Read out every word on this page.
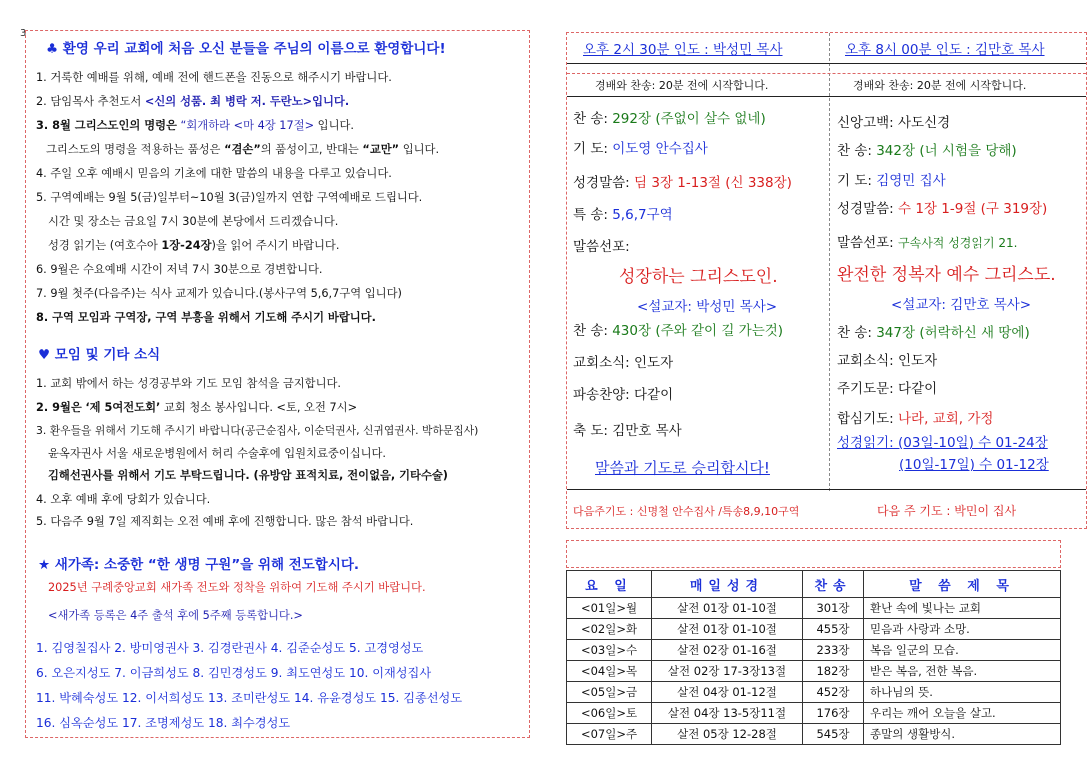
3
♣ 환영 우리 교회에 처음 오신 분들을 주님의 이름으로 환영합니다!
1. 거룩한 예배를 위해, 예배 전에 핸드폰을 진동으로 해주시기 바랍니다.
2. 담임목사 추천도서 <신의 성품. 최 병락 저. 두란노>입니다.
3. 8월 그리스도인의 명령은 “회개하라 <마 4장 17절> 입니다.
그리스도의 명령을 적용하는 품성은 “겸손”의 품성이고, 반대는 “교만” 입니다.
4. 주일 오후 예배시 믿음의 기초에 대한 말씀의 내용을 다루고 있습니다.
5. 구역예배는 9월 5(금)일부터~10월 3(금)일까지 연합 구역예배로 드립니다.
시간 및 장소는 금요일 7시 30분에 본당에서 드리겠습니다.
성경 읽기는 (여호수아 1장-24장)을 읽어 주시기 바랍니다.
6. 9월은 수요예배 시간이 저녁 7시 30분으로 경변합니다.
7. 9월 첫주(다음주)는 식사 교제가 있습니다.(봉사구역 5,6,7구역 입니다)
8. 구역 모임과 구역장, 구역 부흥을 위해서 기도해 주시기 바랍니다.
♥ 모임 및 기타 소식
1. 교회 밖에서 하는 성경공부와 기도 모임 참석을 금지합니다.
2. 9월은 ‘제 5여전도회’ 교회 청소 봉사입니다. <토, 오전 7시>
3. 환우들을 위해서 기도해 주시기 바랍니다(공근순집사, 이순덕권사, 신귀엽권사. 박하문집사)
윤옥자권사 서울 새로운병원에서 허리 수술후에 입원치료중이십니다.
김해선권사를 위해서 기도 부탁드립니다. (유방암 표적치료, 전이없음, 기타수술)
4. 오후 예배 후에 당회가 있습니다.
5. 다음주 9월 7일 제직회는 오전 예배 후에 진행합니다. 많은 참석 바랍니다.
★ 새가족: 소중한 “한 생명 구원”을 위해 전도합시다.
2025년 구례중앙교회 새가족 전도와 정착을 위하여 기도해 주시기 바랍니다.
<새가족 등록은 4주 출석 후에 5주째 등록합니다.>
1. 김영칠집사 2. 방미영권사 3. 김경란권사 4. 김준순성도 5. 고경영성도
6. 오은지성도 7. 이금희성도 8. 김민경성도 9. 최도연성도 10. 이재성집사
11. 박혜숙성도 12. 이서희성도 13. 조미란성도 14. 유윤경성도 15. 김종선성도
16. 심옥순성도 17. 조명제성도 18. 최수경성도
오후 2시 30분 인도 : 박성민 목사
경배와 찬송: 20분 전에 시작합니다.
찬 송: 292장 (주없이 살수 없네)
기 도: 이도영 안수집사
성경말씀: 딤 3장 1-13절 (신 338장)
특 송: 5,6,7구역
말씀선포:
성장하는 그리스도인.
<설교자: 박성민 목사>
찬 송: 430장 (주와 같이 길 가는것)
교회소식: 인도자
파송찬양: 다같이
축 도: 김만호 목사
말씀과 기도로 승리합시다!
오후 8시 00분 인도 : 김만호 목사
경배와 찬송: 20분 전에 시작합니다.
신앙고백: 사도신경
찬 송: 342장 (너 시험을 당해)
기 도: 김영민 집사
성경말씀: 수 1장 1-9절 (구 319장)
말씀선포: 구속사적 성경읽기 21.
완전한 정복자 예수 그리스도.
<설교자: 김만호 목사>
찬 송: 347장 (허락하신 새 땅에)
교회소식: 인도자
주기도문: 다같이
합심기도: 나라, 교회, 가정
성경읽기: (03일-10일) 수 01-24장
(10일-17일) 수 01-12장
다음주기도 : 신명철 안수집사 /특송8,9,10구역	다음 주 기도 : 박민이 집사
요 일	매일성경	찬송	말 씀 제 목
<01일>월	살전 01장 01-10절	301장	환난 속에 빛나는 교회
<02일>화	살전 01장 01-10절	455장	믿음과 사랑과 소망.
<03일>수	살전 02장 01-16절	233장	복음 일군의 모습.
<04일>목	살전 02장 17-3장13절	182장	받은 복음, 전한 복음.
<05일>금	살전 04장 01-12절	452장	하나님의 뜻.
<06일>토	살전 04장 13-5장11절	176장	우리는 깨어 오늘을 살고.
<07일>주	살전 05장 12-28절	545장	종말의 생활방식.
